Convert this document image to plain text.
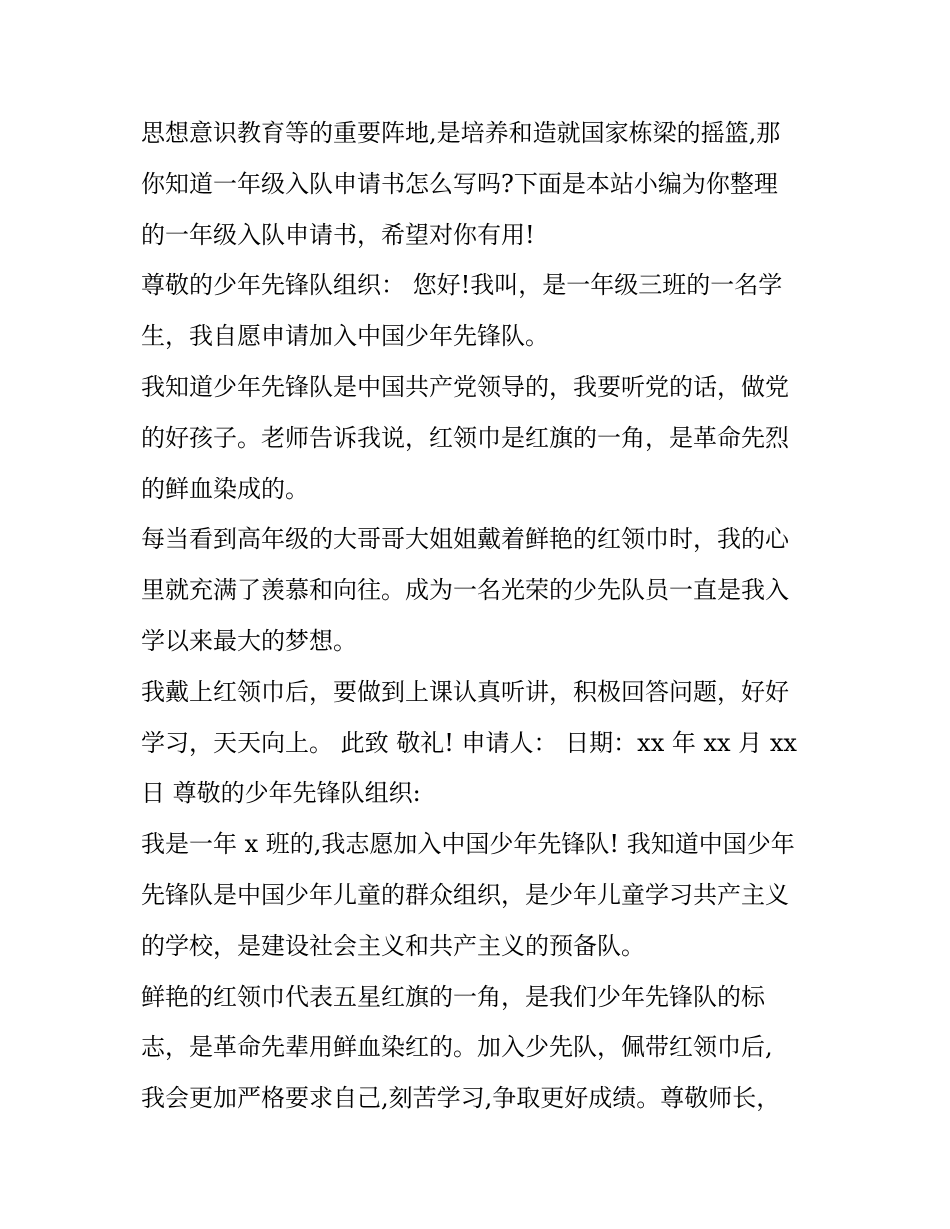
思想意识教育等的重要阵地,是培养和造就国家栋梁的摇篮,那

你知道一年级入队申请书怎么写吗?下面是本站小编为你整理

的一年级入队申请书，希望对你有用!

尊敬的少年先锋队组织： 您好!我叫，是一年级三班的一名学

生，我自愿申请加入中国少年先锋队。

我知道少年先锋队是中国共产党领导的，我要听党的话，做党

的好孩子。老师告诉我说，红领巾是红旗的一角，是革命先烈

的鲜血染成的。

每当看到高年级的大哥哥大姐姐戴着鲜艳的红领巾时，我的心

里就充满了羡慕和向往。成为一名光荣的少先队员一直是我入

学以来最大的梦想。

我戴上红领巾后，要做到上课认真听讲，积极回答问题，好好

学习，天天向上。 此致 敬礼! 申请人： 日期：xx 年 xx 月 xx

日 尊敬的少年先锋队组织:

我是一年 x 班的,我志愿加入中国少年先锋队! 我知道中国少年

先锋队是中国少年儿童的群众组织，是少年儿童学习共产主义

的学校，是建设社会主义和共产主义的预备队。

鲜艳的红领巾代表五星红旗的一角，是我们少年先锋队的标

志，是革命先辈用鲜血染红的。加入少先队，佩带红领巾后,

我会更加严格要求自己,刻苦学习,争取更好成绩。尊敬师长，
